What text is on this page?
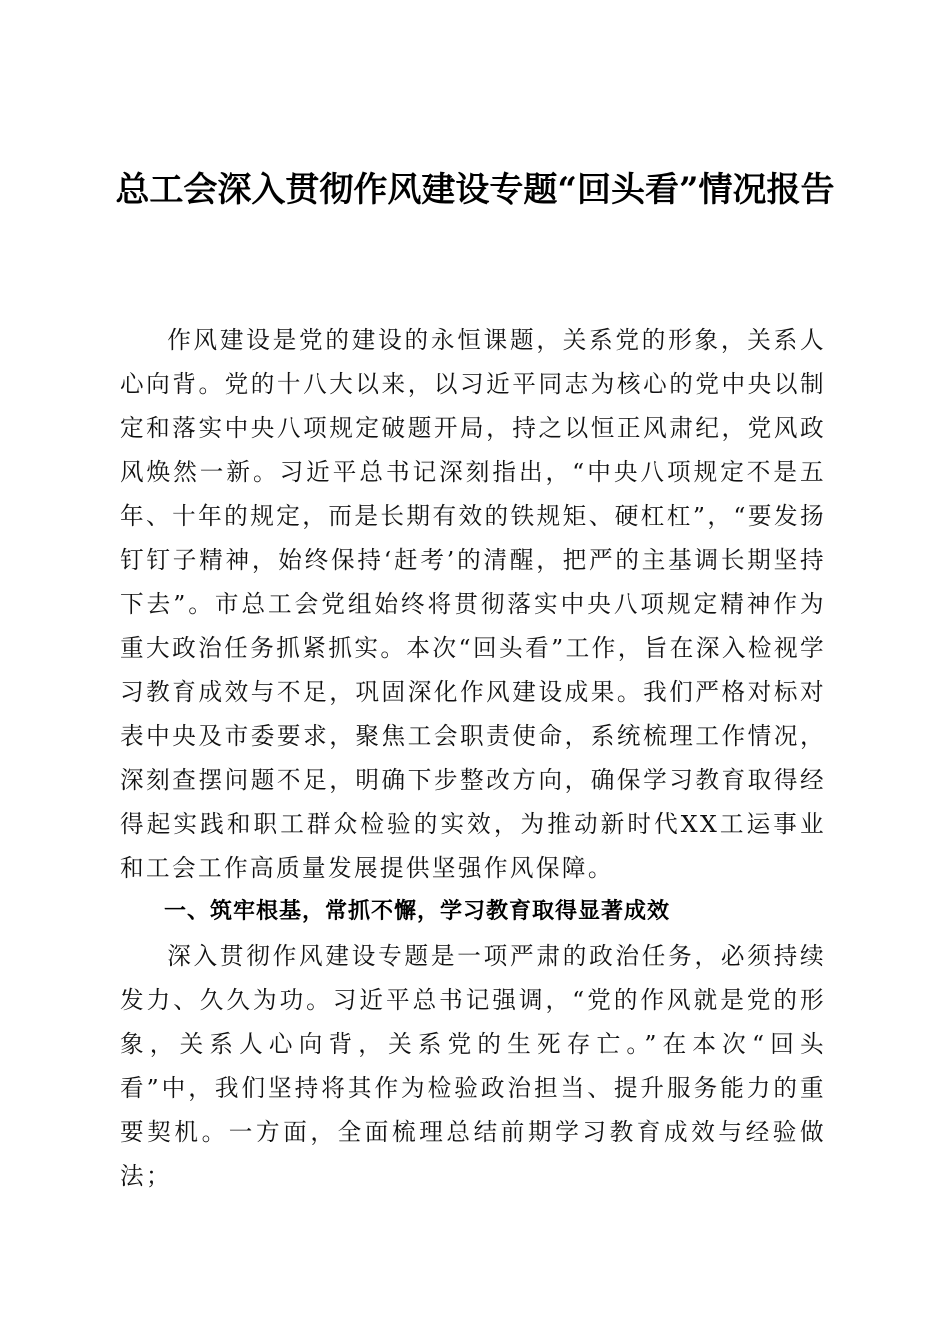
总工会深入贯彻作风建设专题“回头看”情况报告

作风建设是党的建设的永恒课题，关系党的形象，关系人心向背。党的十八大以来，以习近平同志为核心的党中央以制定和落实中央八项规定破题开局，持之以恒正风肃纪，党风政风焕然一新。习近平总书记深刻指出，“中央八项规定不是五年、十年的规定，而是长期有效的铁规矩、硬杠杠”，“要发扬钉钉子精神，始终保持‘赶考’的清醒，把严的主基调长期坚持下去”。市总工会党组始终将贯彻落实中央八项规定精神作为重大政治任务抓紧抓实。本次“回头看”工作，旨在深入检视学习教育成效与不足，巩固深化作风建设成果。我们严格对标对表中央及市委要求，聚焦工会职责使命，系统梳理工作情况，深刻查摆问题不足，明确下步整改方向，确保学习教育取得经得起实践和职工群众检验的实效，为推动新时代XX工运事业和工会工作高质量发展提供坚强作风保障。

一、筑牢根基，常抓不懈，学习教育取得显著成效

深入贯彻作风建设专题是一项严肃的政治任务，必须持续发力、久久为功。习近平总书记强调，“党的作风就是党的形象，关系人心向背，关系党的生死存亡。”在本次“回头看”中，我们坚持将其作为检验政治担当、提升服务能力的重要契机。一方面，全面梳理总结前期学习教育成效与经验做法；
